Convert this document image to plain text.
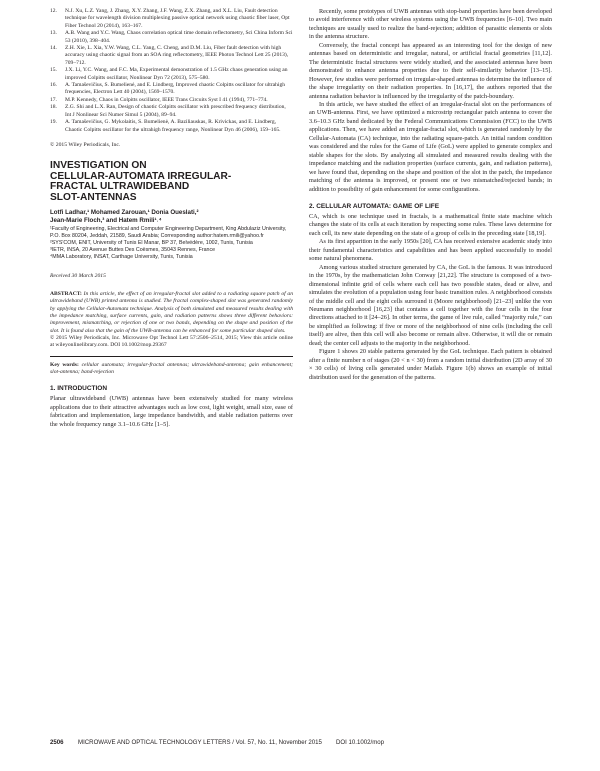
12.	N.J. Xu, L.Z. Yang, J. Zhang, X.Y. Zhang, J.F. Wang, Z.X. Zhang, and X.L. Liu, Fault detection technique for wavelength division multiplexing passive optical network using chaotic fiber laser, Opt Fiber Technol 20 (2014), 163–167.
13.	A.B. Wang and Y.C. Wang, Chaos correlation optical time domain reflectometry, Sci China Inform Sci 53 (2010), 398–404.
14.	Z.H. Xie, L. Xia, Y.W. Wang, C.L. Yang, C. Cheng, and D.M. Liu, Fiber fault detection with high accuracy using chaotic signal from an SOA ring reflectometry, IEEE Photon Technol Lett 25 (2013), 709–712.
15.	J.X. Li, Y.C. Wang, and F.C. Ma, Experimental demonstration of 1.5 GHz chaos generation using an improved Colpitts oscillator, Nonlinear Dyn 72 (2013), 575–580.
16.	A. Tamaševičius, S. Bumelienė, and E. Lindberg, Improved chaotic Colpitts oscillator for ultrahigh frequencies, Electron Lett 40 (2004), 1569–1570.
17.	M.P. Kennedy, Chaos in Colpitts oscillator, IEEE Trans Circuits Syst I 41 (1994), 771–774.
18.	Z.G. Shi and L.X. Ran, Design of chaotic Colpitts oscillator with prescribed frequency distribution, Int J Nonlinear Sci Numer Simul 5 (2004), 89–94.
19.	A. Tamaševičius, G. Mykolaitis, S. Bumelienė, A. Baziliauskas, R. Krivickas, and E. Lindberg, Chaotic Colpitts oscillator for the ultrahigh frequency range, Nonlinear Dyn 46 (2006), 159–165.
© 2015 Wiley Periodicals, Inc.
INVESTIGATION ON
CELLULAR-AUTOMATA IRREGULAR-
FRACTAL ULTRAWIDEBAND
SLOT-ANTENNAS
Lotfi Ladhar,¹ Mohamed Zarouan,¹ Donia Oueslati,²
Jean-Marie Floch,³ and Hatem Rmili¹˒⁴
¹Faculty of Engineering, Electrical and Computer Engineering Department, King Abdulaziz University, P.O. Box 80204, Jeddah, 21589, Saudi Arabia; Corresponding author:hatem.rmili@yahoo.fr
²SYS'COM, ENIT, University of Tunis El Manar, BP 37, Belvédère, 1002, Tunis, Tunisia
³IETR, INSA, 20 Avenue Buttes Des Coësmes, 35043 Rennes, France
⁴MMA Laboratory, INSAT, Carthage University, Tunis, Tunisia
Received 30 March 2015
ABSTRACT: In this article, the effect of an irregular-fractal slot added to a radiating square patch of an ultrawideband (UWB) printed antenna is studied. The fractal complex-shaped slot was generated randomly by applying the Cellular-Automata technique. Analysis of both simulated and measured results dealing with the impedance matching, surface currents, gain, and radiation patterns shows three different behaviors: improvement, mismatching, or rejection of one or two bands, depending on the shape and position of the slot. It is found also that the gain of the UWB-antenna can be enhanced for some particular shaped slots.
© 2015 Wiley Periodicals, Inc. Microwave Opt Technol Lett 57:2506–2514, 2015; View this article online at wileyonlinelibrary.com. DOI 10.1002/mop.29367
Key words: cellular automata; irregular-fractal antennas; ultrawideband-antenna; gain enhancement; slot-antenna; band-rejection
1. INTRODUCTION

Planar ultrawideband (UWB) antennas have been extensively studied for many wireless applications due to their attractive advantages such as low cost, light weight, small size, ease of fabrication and implementation, large impedance bandwidth, and stable radiation patterns over the whole frequency range 3.1–10.6 GHz [1–5].

Recently, some prototypes of UWB antennas with stop-band properties have been developed to avoid interference with other wireless systems using the UWB frequencies [6–10]. Two main techniques are usually used to realize the band-rejection; addition of parasitic elements or slots in the antenna structure.

Conversely, the fractal concept has appeared as an interesting tool for the design of new antennas based on deterministic and irregular, natural, or artificial fractal geometries [11,12]. The deterministic fractal structures were widely studied, and the associated antennas have been demonstrated to enhance antenna properties due to their self-similarity behavior [13–15]. However, few studies were performed on irregular-shaped antennas to determine the influence of the shape irregularity on their radiation properties. In [16,17], the authors reported that the antenna radiation behavior is influenced by the irregularity of the patch-boundary.

In this article, we have studied the effect of an irregular-fractal slot on the performances of an UWB-antenna. First, we have optimized a microstrip rectangular patch antenna to cover the 3.6–10.3 GHz band dedicated by the Federal Communications Commission (FCC) to the UWB applications. Then, we have added an irregular-fractal slot, which is generated randomly by the Cellular-Automata (CA) technique, into the radiating square-patch. An initial random condition was considered and the rules for the Game of Life (GoL) were applied to generate complex and stable shapes for the slots. By analyzing all simulated and measured results dealing with the impedance matching and the radiation properties (surface currents, gain, and radiation patterns), we have found that, depending on the shape and position of the slot in the patch, the impedance matching of the antenna is improved, or present one or two mismatched/rejected bands; in addition to possibility of gain enhancement for some configurations.

2. CELLULAR AUTOMATA: GAME OF LIFE

CA, which is one technique used in fractals, is a mathematical finite state machine which changes the state of its cells at each iteration by respecting some rules. These laws determine for each cell, its new state depending on the state of a group of cells in the preceding state [18,19].

As its first apparition in the early 1950s [20], CA has received extensive academic study into their fundamental characteristics and capabilities and has been applied successfully to model some natural phenomena.

Among various studied structure generated by CA, the GoL is the famous. It was introduced in the 1970s, by the mathematician John Conway [21,22]. The structure is composed of a two-dimensional infinite grid of cells where each cell has two possible states, dead or alive, and simulates the evolution of a population using four basic transition rules. A neighborhood consists of the middle cell and the eight cells surround it (Moore neighborhood) [21–23] unlike the von Neumann neighborhood [16,23] that contains a cell together with the four cells in the four directions attached to it [24–26]. In other terms, the game of live rule, called “majority rule,” can be simplified as following: if five or more of the neighborhood of nine cells (including the cell itself) are alive, then this cell will also become or remain alive. Otherwise, it will die or remain dead; the center cell adjusts to the majority in the neighborhood.

Figure 1 shows 20 stable patterns generated by the GoL technique. Each pattern is obtained after a finite number n of stages (20 < n < 30) from a random initial distribution (2D array of 30 × 30 cells) of living cells generated under Matlab. Figure 1(b) shows an example of initial distribution used for the generation of the patterns.

2506	MICROWAVE AND OPTICAL TECHNOLOGY LETTERS / Vol. 57, No. 11, November 2015 DOI 10.1002/mop
